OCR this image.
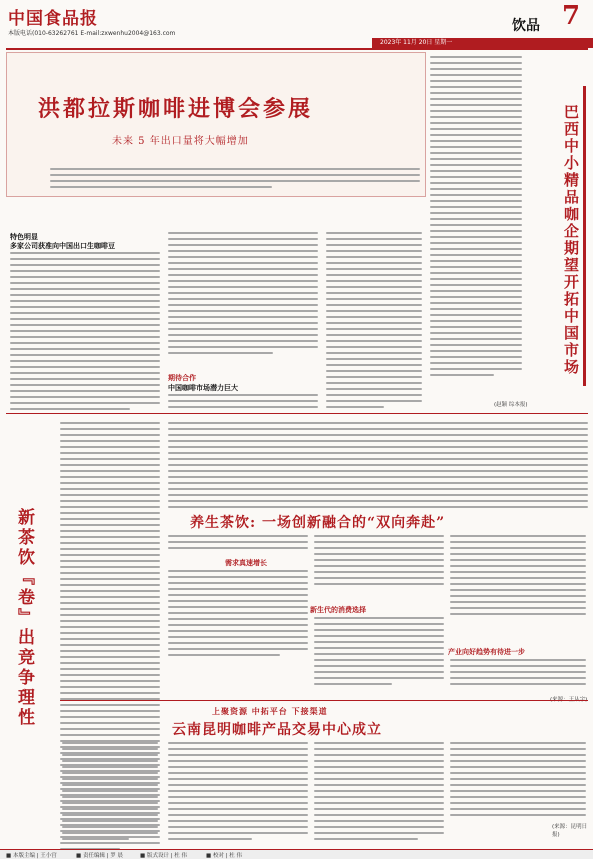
中国食品报
本版电话(010-63262761 E-mail:zxwenhu2004@163.com	饮品 7
2023年 11月 20日 星期一
洪都拉斯咖啡进博会参展
未来 5 年出口量将大幅增加	巴西中小精品咖企期望开拓中国市场
特色明显
多家公司获准向中国出口生咖啡豆
期待合作
中国咖啡市场潜力巨大
(赵颖 综本报)
新茶饮『卷』出竞争理性	养生茶饮: 一场创新融合的“双向奔赴”
需求真速增长
新生代的消费选择
产业向好趋势有待进一步
上聚资源 中拓平台 下接渠道
云南昆明咖啡产品交易中心成立
(来源：昆明日报)
■ 本版主编 | 王小宫	■ 责任编辑 | 罗 晨	■ 版式设计 | 杜 伟	■ 校对 | 杜 伟
